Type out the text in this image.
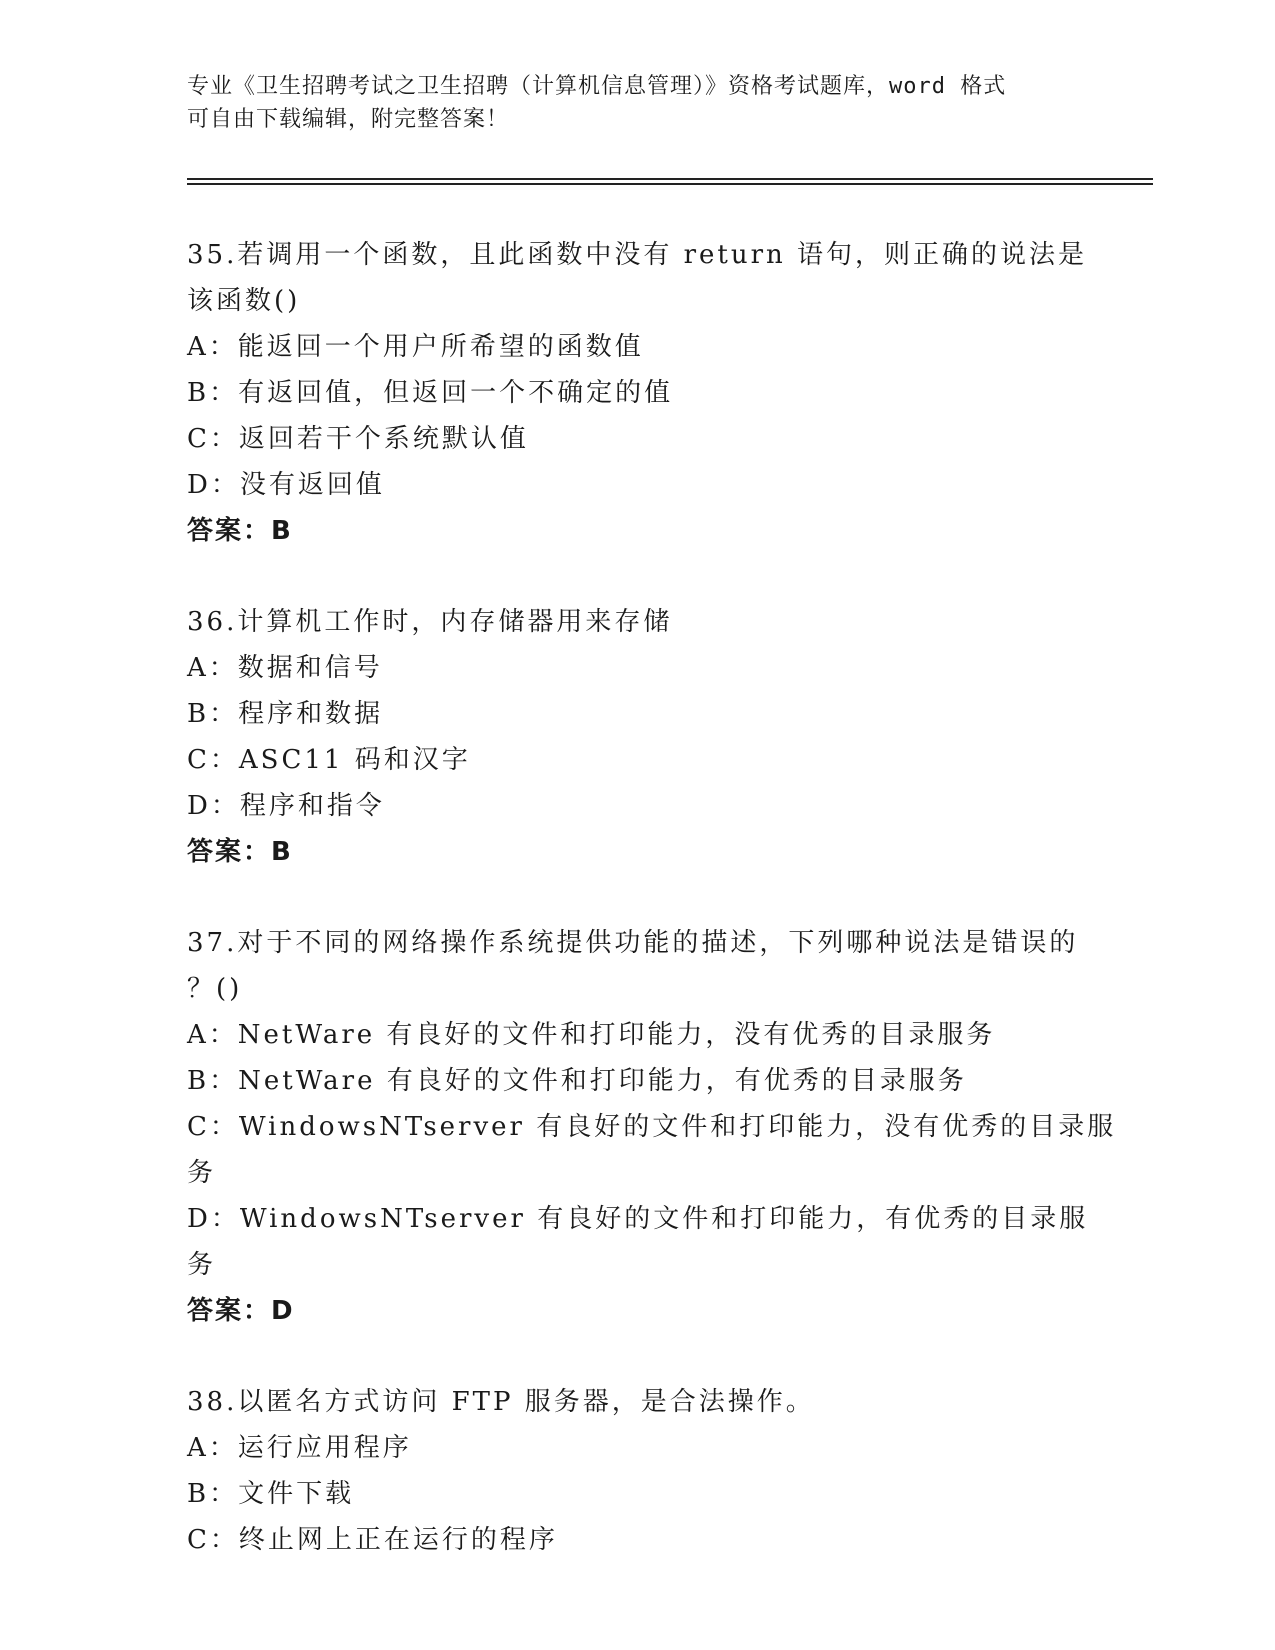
专业《卫生招聘考试之卫生招聘（计算机信息管理）》资格考试题库，word 格式
可自由下载编辑，附完整答案！
35.若调用一个函数，且此函数中没有 return 语句，则正确的说法是
该函数()
A：能返回一个用户所希望的函数值
B：有返回值，但返回一个不确定的值
C：返回若干个系统默认值
D：没有返回值
答案：B
36.计算机工作时，内存储器用来存储
A：数据和信号
B：程序和数据
C：ASC11 码和汉字
D：程序和指令
答案：B
37.对于不同的网络操作系统提供功能的描述，下列哪种说法是错误的
？()
A：NetWare 有良好的文件和打印能力，没有优秀的目录服务
B：NetWare 有良好的文件和打印能力，有优秀的目录服务
C：WindowsNTserver 有良好的文件和打印能力，没有优秀的目录服务
D：WindowsNTserver 有良好的文件和打印能力，有优秀的目录服务
答案：D
38.以匿名方式访问 FTP 服务器，是合法操作。
A：运行应用程序
B：文件下载
C：终止网上正在运行的程序
